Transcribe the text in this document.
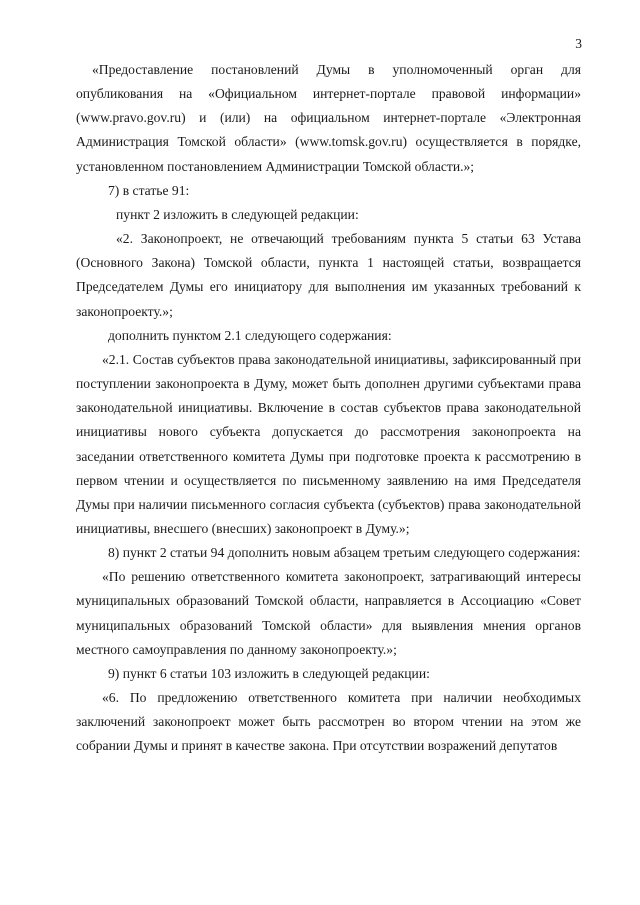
3

«Предоставление постановлений Думы в уполномоченный орган для опубликования на «Официальном интернет-портале правовой информации» (www.pravo.gov.ru) и (или) на официальном интернет-портале «Электронная Администрация Томской области» (www.tomsk.gov.ru) осуществляется в порядке, установленном постановлением Администрации Томской области.»;

7) в статье 91:

пункт 2 изложить в следующей редакции:

«2. Законопроект, не отвечающий требованиям пункта 5 статьи 63 Устава (Основного Закона) Томской области, пункта 1 настоящей статьи, возвращается Председателем Думы его инициатору для выполнения им указанных требований к законопроекту.»;

дополнить пунктом 2.1 следующего содержания:

«2.1. Состав субъектов права законодательной инициативы, зафиксированный при поступлении законопроекта в Думу, может быть дополнен другими субъектами права законодательной инициативы. Включение в состав субъектов права законодательной инициативы нового субъекта допускается до рассмотрения законопроекта на заседании ответственного комитета Думы при подготовке проекта к рассмотрению в первом чтении и осуществляется по письменному заявлению на имя Председателя Думы при наличии письменного согласия субъекта (субъектов) права законодательной инициативы, внесшего (внесших) законопроект в Думу.»;

8) пункт 2 статьи 94 дополнить новым абзацем третьим следующего содержания:

«По решению ответственного комитета законопроект, затрагивающий интересы муниципальных образований Томской области, направляется в Ассоциацию «Совет муниципальных образований Томской области» для выявления мнения органов местного самоуправления по данному законопроекту.»;

9) пункт 6 статьи 103 изложить в следующей редакции:

«6. По предложению ответственного комитета при наличии необходимых заключений законопроект может быть рассмотрен во втором чтении на этом же собрании Думы и принят в качестве закона. При отсутствии возражений депутатов
